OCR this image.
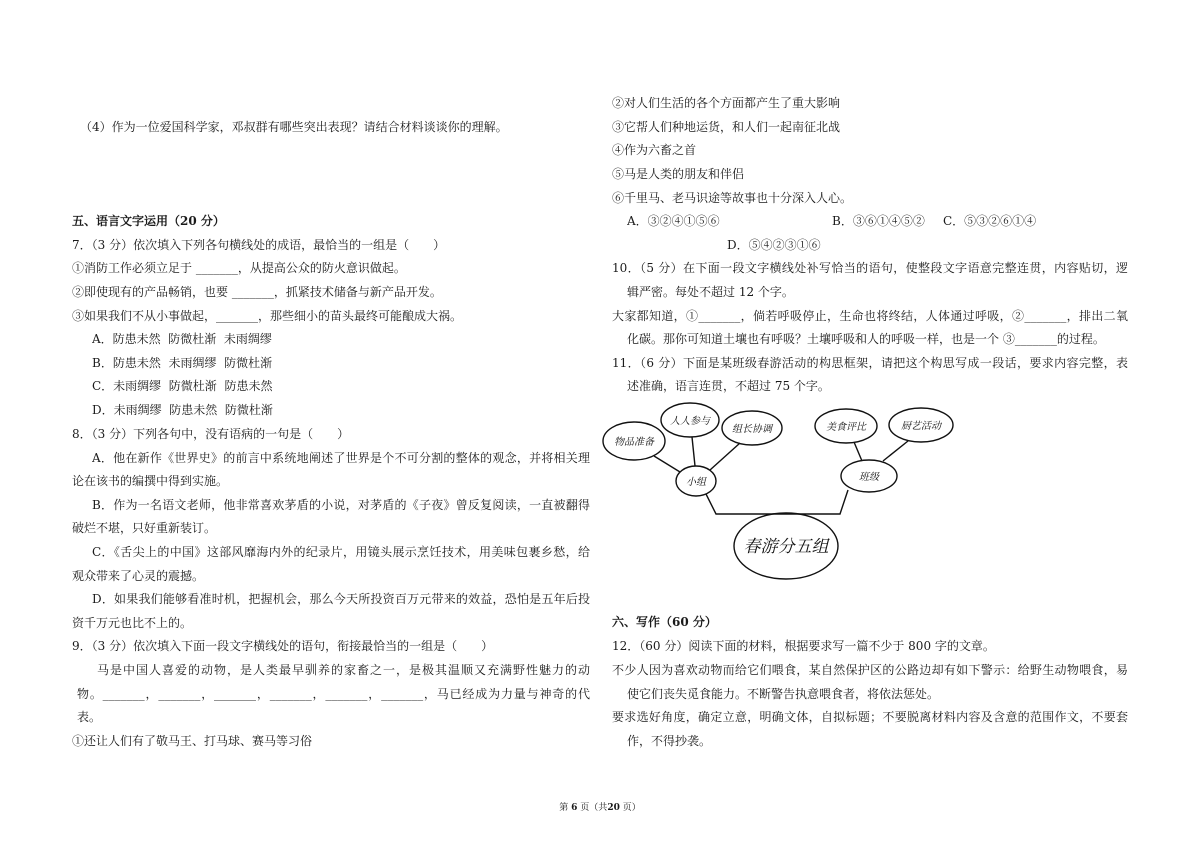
（4）作为一位爱国科学家，邓叔群有哪些突出表现？请结合材料谈谈你的理解。
五、语言文字运用（20 分）
7．（3 分）依次填入下列各句横线处的成语，最恰当的一组是（　　）
①消防工作必须立足于 _______，从提高公众的防火意识做起。
②即使现有的产品畅销，也要 _______，抓紧技术储备与新产品开发。
③如果我们不从小事做起，_______，那些细小的苗头最终可能酿成大祸。
A．防患未然  防微杜渐  未雨绸缪
B．防患未然  未雨绸缪  防微杜渐
C．未雨绸缪  防微杜渐  防患未然
D．未雨绸缪  防患未然  防微杜渐
8．（3 分）下列各句中，没有语病的一句是（　　）
A．他在新作《世界史》的前言中系统地阐述了世界是个不可分割的整体的观念，并将相关理
论在该书的编撰中得到实施。
B．作为一名语文老师，他非常喜欢茅盾的小说，对茅盾的《子夜》曾反复阅读，一直被翻得
破烂不堪，只好重新装订。
C．《舌尖上的中国》这部风靡海内外的纪录片，用镜头展示烹饪技术，用美味包裹乡愁，给
观众带来了心灵的震撼。
D．如果我们能够看准时机，把握机会，那么今天所投资百万元带来的效益，恐怕是五年后投
资千万元也比不上的。
9．（3 分）依次填入下面一段文字横线处的语句，衔接最恰当的一组是（　　）
马是中国人喜爱的动物，是人类最早驯养的家畜之一，是极其温顺又充满野性魅力的动
物。_______，_______，_______，_______，_______，_______，马已经成为力量与神奇的代
表。
①还让人们有了敬马王、打马球、赛马等习俗
②对人们生活的各个方面都产生了重大影响
③它帮人们种地运货，和人们一起南征北战
④作为六畜之首
⑤马是人类的朋友和伴侣
⑥千里马、老马识途等故事也十分深入人心。
A．③②④①⑤⑥	B．③⑥①④⑤②	C．⑤③②⑥①④
D．⑤④②③①⑥
10．（5 分）在下面一段文字横线处补写恰当的语句，使整段文字语意完整连贯，内容贴切，逻
辑严密。每处不超过 12 个字。
大家都知道，①_______，倘若呼吸停止，生命也将终结，人体通过呼吸，②_______，排出二氧
化碳。那你可知道土壤也有呼吸？土壤呼吸和人的呼吸一样，也是一个 ③_______的过程。
11．（6 分）下面是某班级春游活动的构思框架，请把这个构思写成一段话，要求内容完整，表
述准确，语言连贯，不超过 75 个字。
物品准备
人人参与
组长协调
小组
美食评比	厨艺活动
班级
春游分五组
六、写作（60 分）
12．（60 分）阅读下面的材料，根据要求写一篇不少于 800 字的文章。
不少人因为喜欢动物而给它们喂食，某自然保护区的公路边却有如下警示：给野生动物喂食，易
使它们丧失觅食能力。不断警告执意喂食者，将依法惩处。
要求选好角度，确定立意，明确文体，自拟标题；不要脱离材料内容及含意的范围作文，不要套
作，不得抄袭。
第 6 页（共20 页）
